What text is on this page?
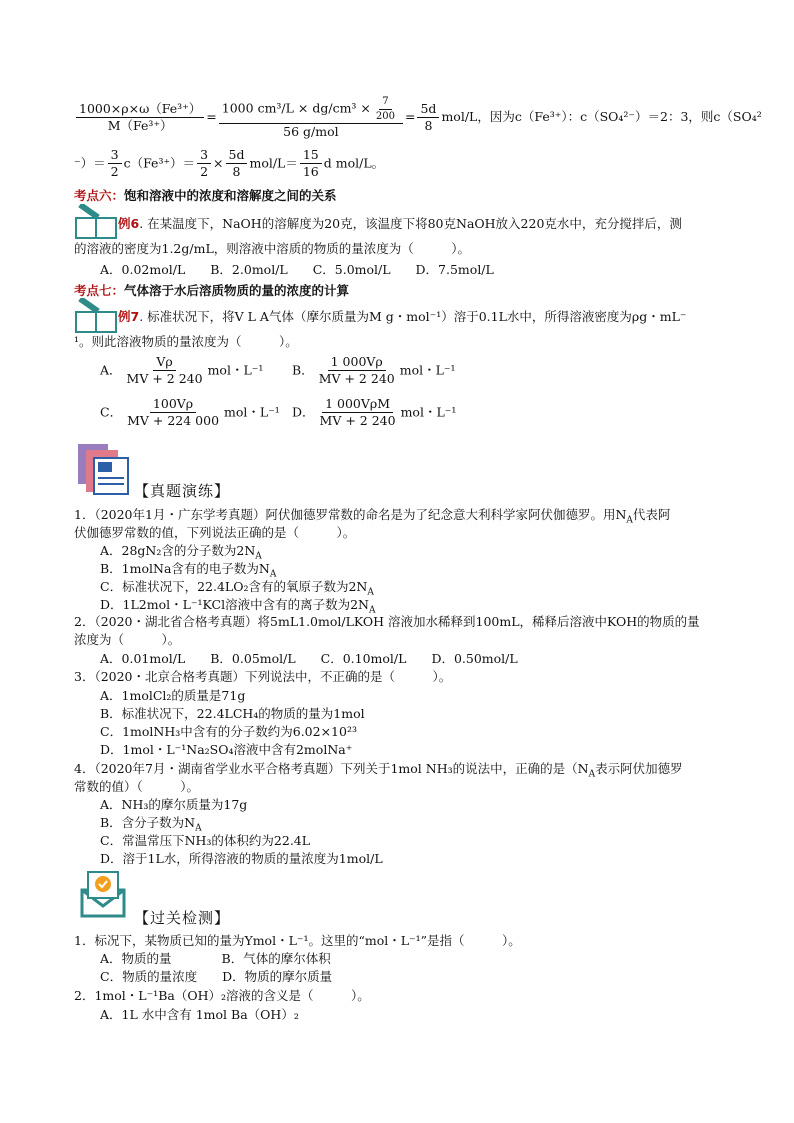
$\frac{\text{1000×ρ×ω（Fe³⁺）}}{\text{M（Fe³⁺）}} = \frac{1000 cm^3/L \times dg/cm^3 \times \frac{7}{200}}{\text{56 g/mol}} = \frac{5d}{8} mol/L$，因为c（Fe³⁺）：c（SO₄²⁻）＝2：3，则c（SO₄²
⁻）＝ $\frac{3}{2} c(Fe^{3+})= \frac{3}{2} \times \frac{5d}{8} mol/L= \frac{15}{16}$ d mol/L。
考点六：饱和溶液中的浓度和溶解度之间的关系
例6. 在某温度下，NaOH的溶解度为20克，该温度下将80克NaOH放入220克水中，充分搅拌后，测
的溶液的密度为1.2g/mL，则溶液中溶质的物质的量浓度为（　　　）。
A．0.02mol/L　　B．2.0mol/L　　C．5.0mol/L　　D．7.5mol/L
考点七：气体溶于水后溶质物质的量的浓度的计算
例7. 标准状况下，将V L A气体（摩尔质量为M g・mol⁻¹）溶于0.1L水中，所得溶液密度为ρg・mL⁻
¹。则此溶液物质的量浓度为（　　　）。
A． $\frac{V\rho}{MV + 2 240}$ mol・L⁻¹ B． $\frac{1 000V\rho}{MV + 2 240}$ mol・L⁻¹
C． $\frac{100V\rho}{MV + 224 000}$ mol・L⁻¹ D． $\frac{\text{1 000VρM}}{MV + 2 240}$ mol・L⁻¹
【真题演练】
1．（2020年1月・广东学考真题）阿伏伽德罗常数的命名是为了纪念意大利科学家阿伏伽德罗。用$N_A$代表阿
伏伽德罗常数的值，下列说法正确的是（　　　）。
A．28gN₂含的分子数为$2N_A$
B．1molNa含有的电子数为$N_A$
C．标准状况下，22.4LO₂含有的氧原子数为$2N_A$
D．1L2mol・L⁻¹KCl溶液中含有的离子数为$2N_A$
2．（2020・湖北省合格考真题）将5mL1.0mol/LKOH 溶液加水稀释到100mL，稀释后溶液中KOH的物质的量
浓度为（　　　）。
A．0.01mol/L　　B．0.05mol/L　　C．0.10mol/L　　D．0.50mol/L
3．（2020・北京合格考真题）下列说法中，不正确的是（　　　）。
A．1molCl₂的质量是71g
B．标准状况下，22.4LCH₄的物质的量为1mol
C．1molNH₃中含有的分子数约为6.02×10²³
D．1mol・L⁻¹Na₂SO₄溶液中含有2molNa⁺
4．（2020年7月・湖南省学业水平合格考真题）下列关于1mol NH₃的说法中，正确的是（$N_A$表示阿伏加德罗
常数的值）（　　　）。
A．NH₃的摩尔质量为17g
B．含分子数为$N_A$
C．常温常压下NH₃的体积约为22.4L
D．溶于1L水，所得溶液的物质的量浓度为1mol/L
【过关检测】
1．标况下，某物质已知的量为Ymol・L⁻¹。这里的“mol・L⁻¹”是指（　　　）。
A．物质的量　　　　B．气体的摩尔体积
C．物质的量浓度　　D．物质的摩尔质量
2．1mol・L⁻¹Ba（OH）₂溶液的含义是（　　　）。
A．1L 水中含有 1mol Ba（OH）₂
